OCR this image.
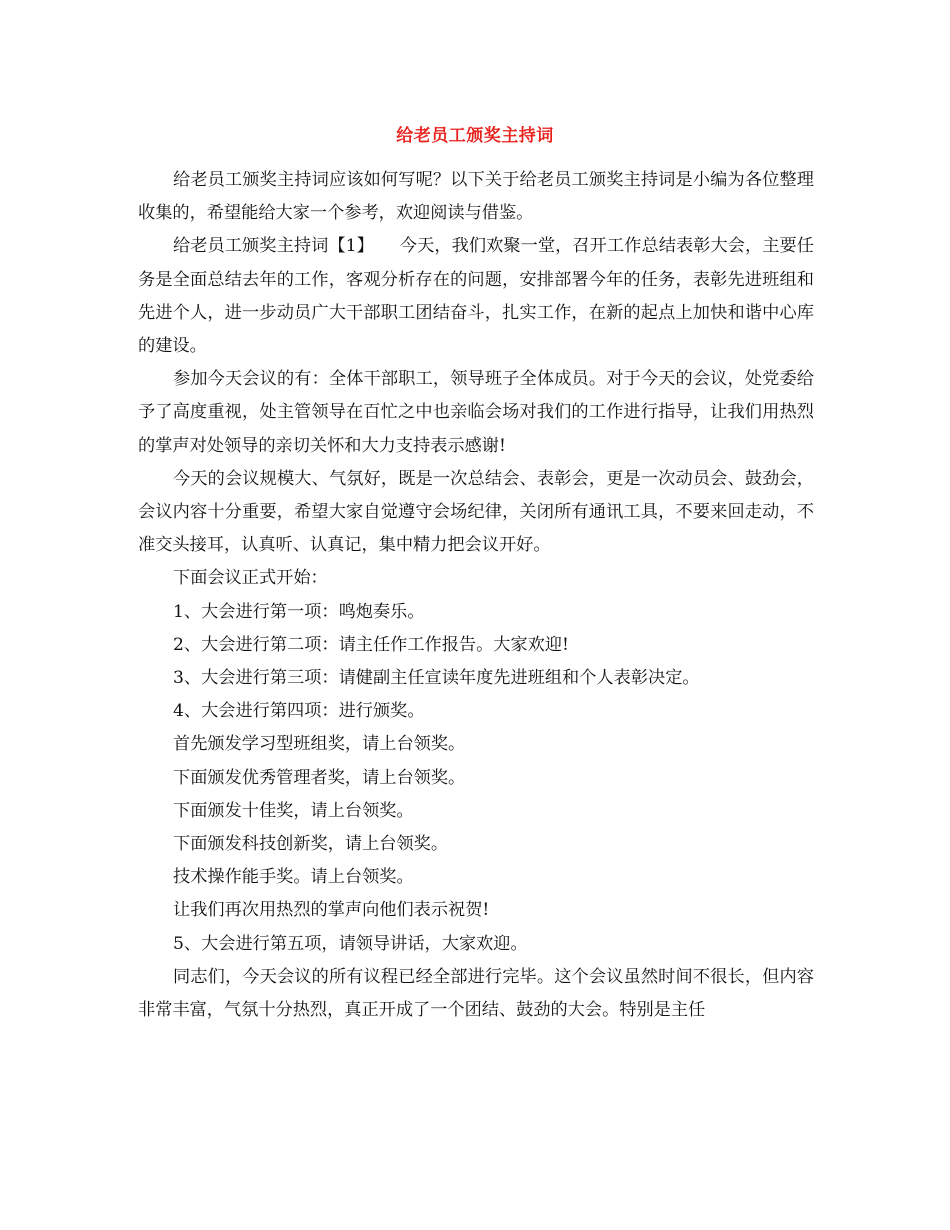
给老员工颁奖主持词

给老员工颁奖主持词应该如何写呢？以下关于给老员工颁奖主持词是小编为各位整理收集的，希望能给大家一个参考，欢迎阅读与借鉴。

给老员工颁奖主持词【1】　　今天，我们欢聚一堂，召开工作总结表彰大会，主要任务是全面总结去年的工作，客观分析存在的问题，安排部署今年的任务，表彰先进班组和先进个人，进一步动员广大干部职工团结奋斗，扎实工作，在新的起点上加快和谐中心库的建设。

参加今天会议的有：全体干部职工，领导班子全体成员。对于今天的会议，处党委给予了高度重视，处主管领导在百忙之中也亲临会场对我们的工作进行指导，让我们用热烈的掌声对处领导的亲切关怀和大力支持表示感谢!

今天的会议规模大、气氛好，既是一次总结会、表彰会，更是一次动员会、鼓劲会，会议内容十分重要，希望大家自觉遵守会场纪律，关闭所有通讯工具，不要来回走动，不准交头接耳，认真听、认真记，集中精力把会议开好。

下面会议正式开始：

1、大会进行第一项：鸣炮奏乐。

2、大会进行第二项：请主任作工作报告。大家欢迎!

3、大会进行第三项：请健副主任宣读年度先进班组和个人表彰决定。

4、大会进行第四项：进行颁奖。

首先颁发学习型班组奖，请上台领奖。

下面颁发优秀管理者奖，请上台领奖。

下面颁发十佳奖，请上台领奖。

下面颁发科技创新奖，请上台领奖。

技术操作能手奖。请上台领奖。

让我们再次用热烈的掌声向他们表示祝贺!

5、大会进行第五项，请领导讲话，大家欢迎。

同志们，今天会议的所有议程已经全部进行完毕。这个会议虽然时间不很长，但内容非常丰富，气氛十分热烈，真正开成了一个团结、鼓劲的大会。特别是主任
